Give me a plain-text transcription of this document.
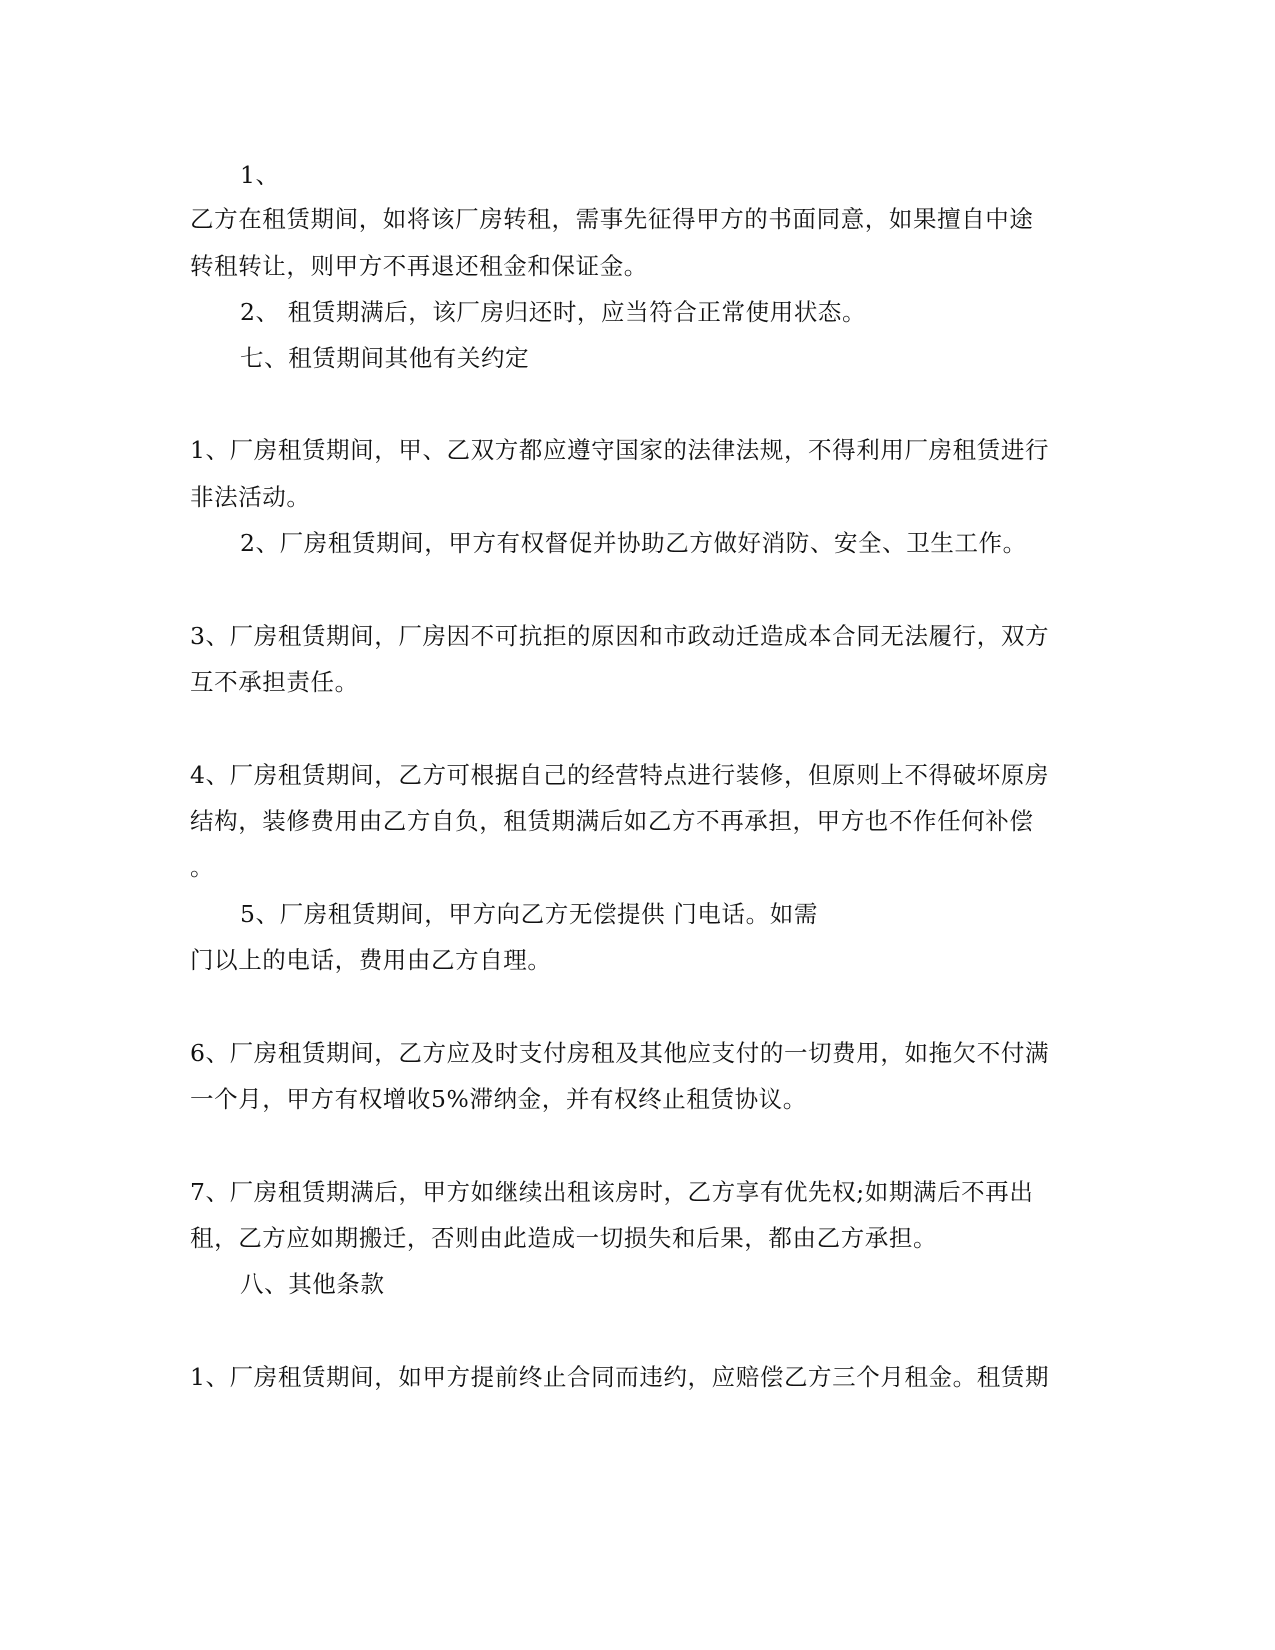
1、
乙方在租赁期间，如将该厂房转租，需事先征得甲方的书面同意，如果擅自中途
转租转让，则甲方不再退还租金和保证金。
2、 租赁期满后，该厂房归还时，应当符合正常使用状态。
七、租赁期间其他有关约定
1、厂房租赁期间，甲、乙双方都应遵守国家的法律法规，不得利用厂房租赁进行
非法活动。
2、厂房租赁期间，甲方有权督促并协助乙方做好消防、安全、卫生工作。
3、厂房租赁期间，厂房因不可抗拒的原因和市政动迁造成本合同无法履行，双方
互不承担责任。
4、厂房租赁期间，乙方可根据自己的经营特点进行装修，但原则上不得破坏原房
结构，装修费用由乙方自负，租赁期满后如乙方不再承担，甲方也不作任何补偿
。
5、厂房租赁期间，甲方向乙方无偿提供 门电话。如需
门以上的电话，费用由乙方自理。
6、厂房租赁期间，乙方应及时支付房租及其他应支付的一切费用，如拖欠不付满
一个月，甲方有权增收5%滞纳金，并有权终止租赁协议。
7、厂房租赁期满后，甲方如继续出租该房时，乙方享有优先权;如期满后不再出
租，乙方应如期搬迁，否则由此造成一切损失和后果，都由乙方承担。
八、其他条款
1、厂房租赁期间，如甲方提前终止合同而违约，应赔偿乙方三个月租金。租赁期
